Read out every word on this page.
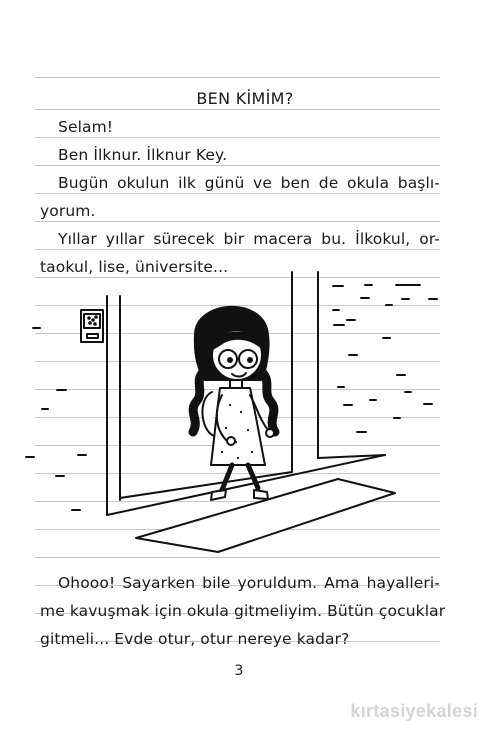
BEN KİMİM?
Selam!
Ben İlknur. İlknur Key.
Bugün okulun ilk günü ve ben de okula başlı-
yorum.
Yıllar yıllar sürecek bir macera bu. İlkokul, or-
taokul, lise, üniversite...
Ohooo! Sayarken bile yoruldum. Ama hayalleri-
me kavuşmak için okula gitmeliyim. Bütün çocuklar
gitmeli... Evde otur, otur nereye kadar?
3
kırtasiyekalesi
